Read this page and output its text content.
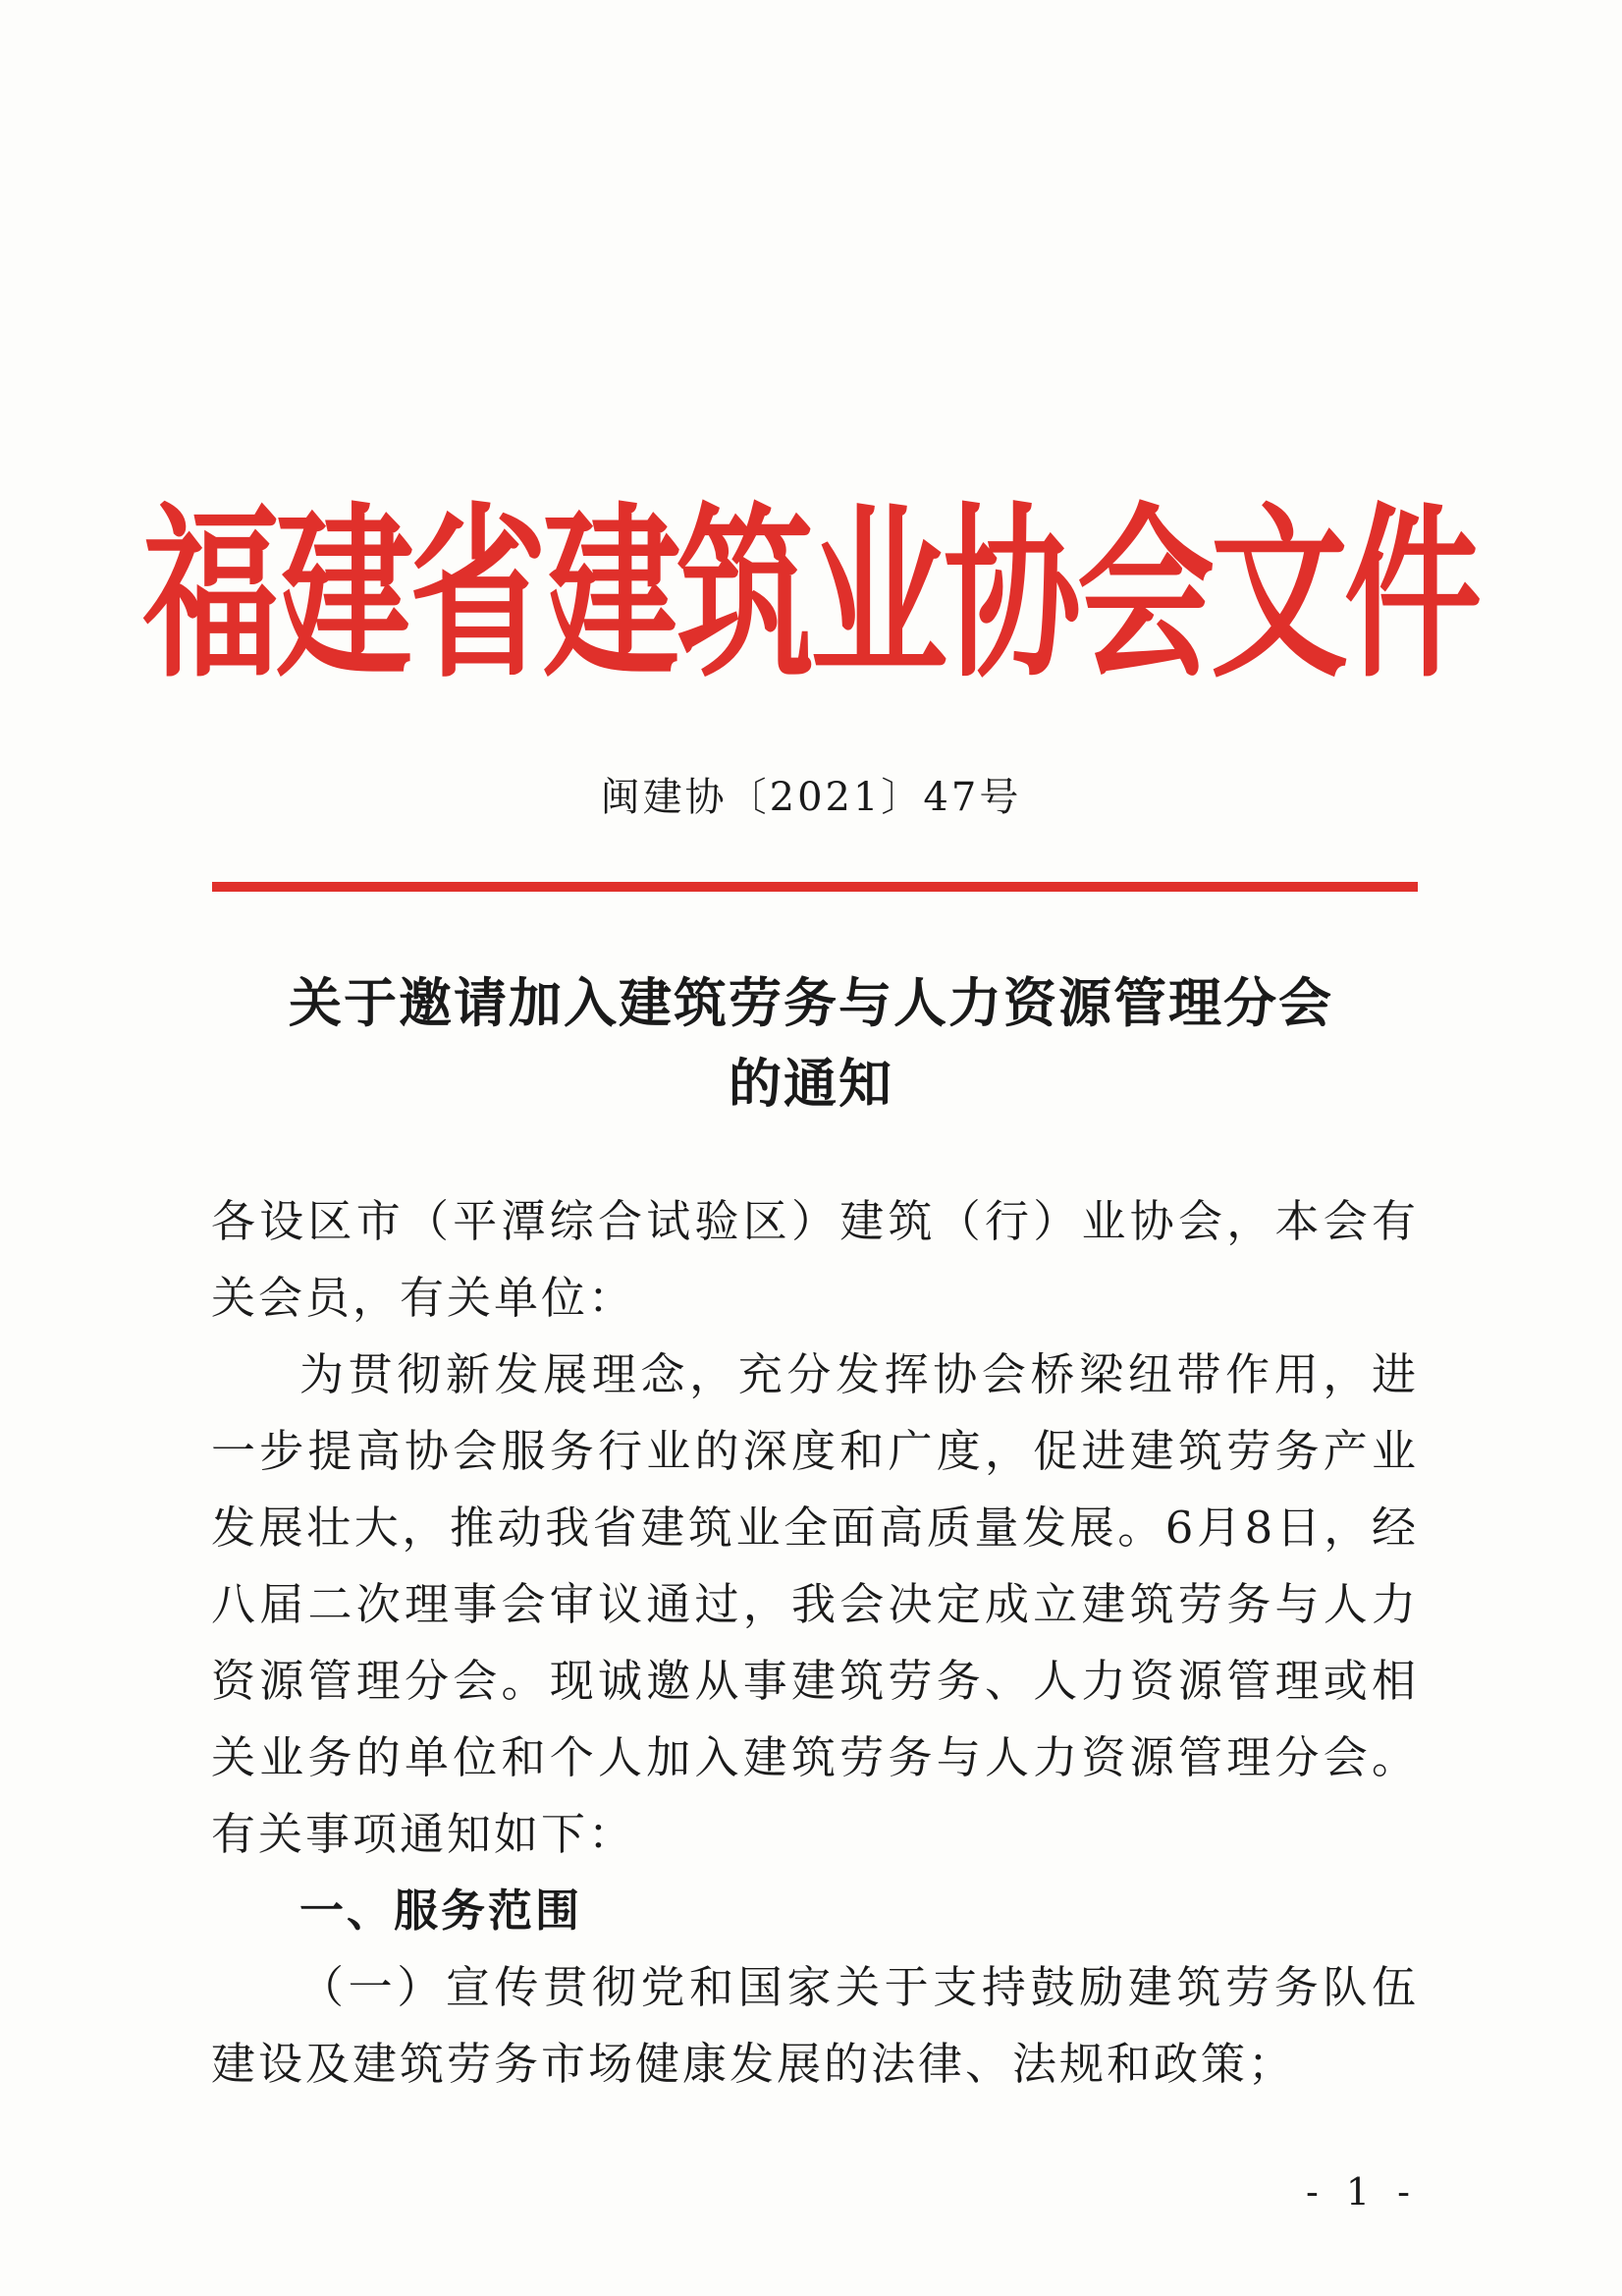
福建省建筑业协会文件
闽建协〔2021〕47号
关于邀请加入建筑劳务与人力资源管理分会
的通知

各设区市（平潭综合试验区）建筑（行）业协会，本会有关会员，有关单位：

为贯彻新发展理念，充分发挥协会桥梁纽带作用，进一步提高协会服务行业的深度和广度，促进建筑劳务产业发展壮大，推动我省建筑业全面高质量发展。6月8日，经八届二次理事会审议通过，我会决定成立建筑劳务与人力资源管理分会。现诚邀从事建筑劳务、人力资源管理或相关业务的单位和个人加入建筑劳务与人力资源管理分会。有关事项通知如下：

一、服务范围

（一）宣传贯彻党和国家关于支持鼓励建筑劳务队伍建设及建筑劳务市场健康发展的法律、法规和政策；

- 1 -
